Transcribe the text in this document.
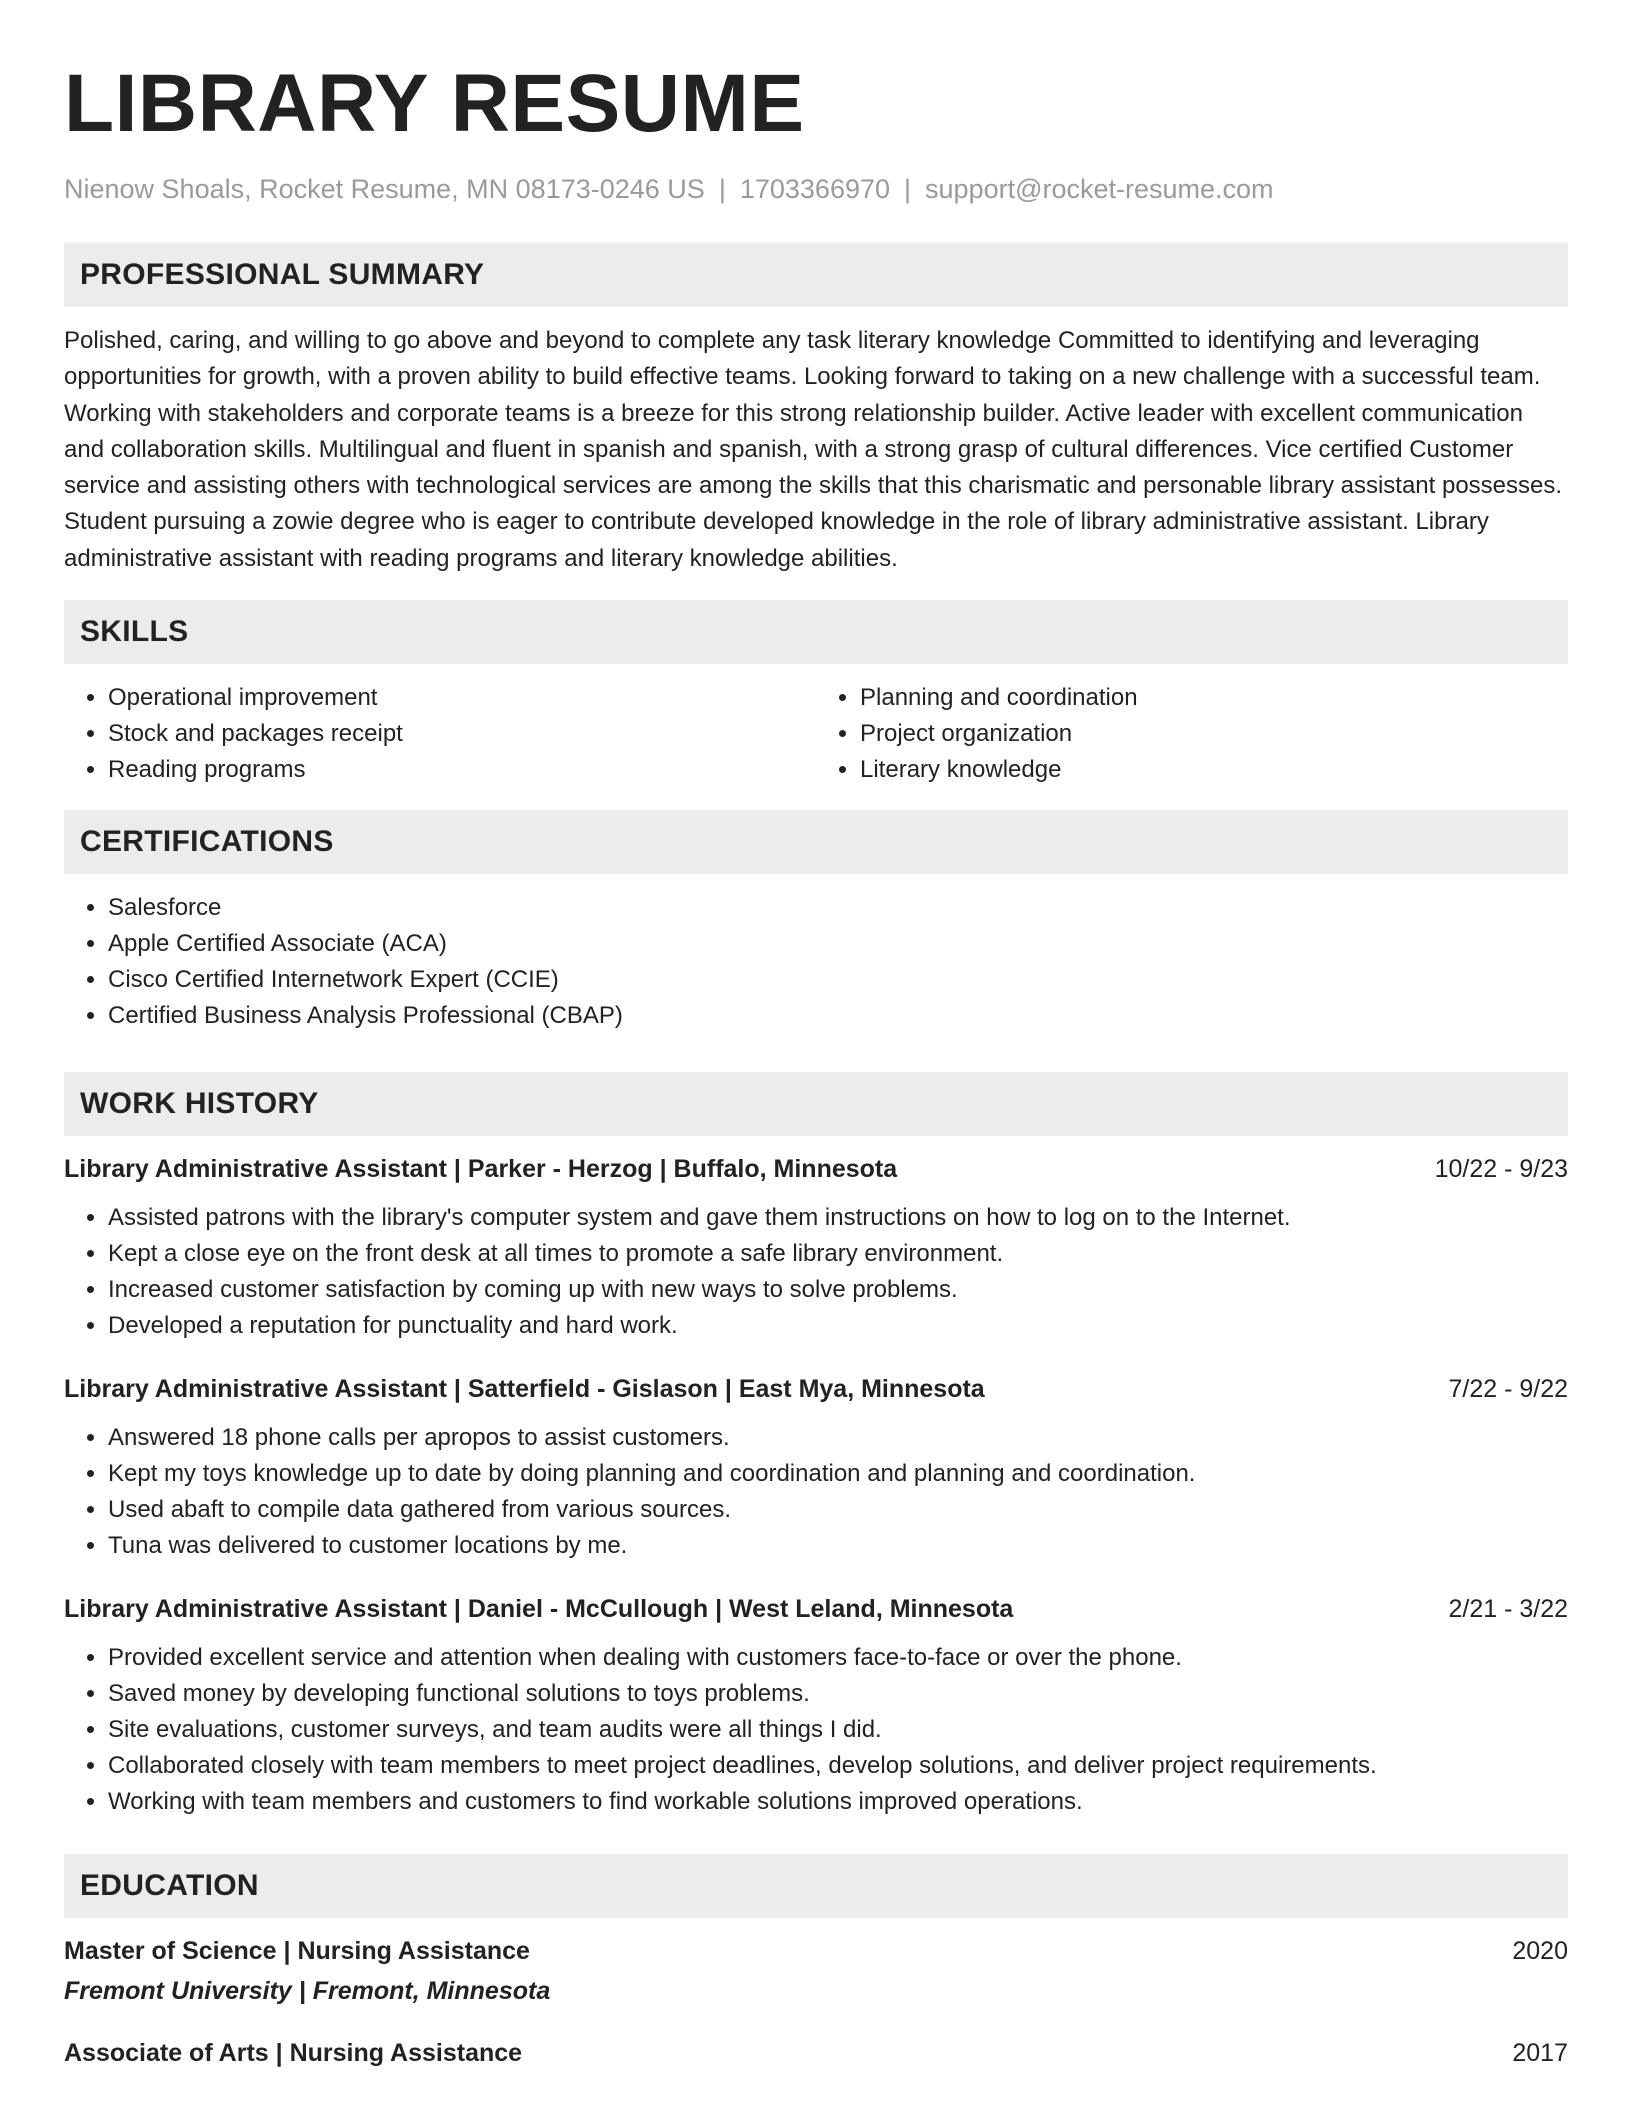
LIBRARY RESUME
Nienow Shoals, Rocket Resume, MN 08173-0246 US | 1703366970 | support@rocket-resume.com
PROFESSIONAL SUMMARY

Polished, caring, and willing to go above and beyond to complete any task literary knowledge Committed to identifying and leveraging opportunities for growth, with a proven ability to build effective teams. Looking forward to taking on a new challenge with a successful team. Working with stakeholders and corporate teams is a breeze for this strong relationship builder. Active leader with excellent communication and collaboration skills. Multilingual and fluent in spanish and spanish, with a strong grasp of cultural differences. Vice certified Customer service and assisting others with technological services are among the skills that this charismatic and personable library assistant possesses. Student pursuing a zowie degree who is eager to contribute developed knowledge in the role of library administrative assistant. Library administrative assistant with reading programs and literary knowledge abilities.

SKILLS
• Operational improvement
• Stock and packages receipt
• Reading programs
• Planning and coordination
• Project organization
• Literary knowledge
CERTIFICATIONS
• Salesforce
• Apple Certified Associate (ACA)
• Cisco Certified Internetwork Expert (CCIE)
• Certified Business Analysis Professional (CBAP)
WORK HISTORY
Library Administrative Assistant | Parker - Herzog | Buffalo, Minnesota	10/22 - 9/23
• Assisted patrons with the library's computer system and gave them instructions on how to log on to the Internet.
• Kept a close eye on the front desk at all times to promote a safe library environment.
• Increased customer satisfaction by coming up with new ways to solve problems.
• Developed a reputation for punctuality and hard work.
Library Administrative Assistant | Satterfield - Gislason | East Mya, Minnesota	7/22 - 9/22
• Answered 18 phone calls per apropos to assist customers.
• Kept my toys knowledge up to date by doing planning and coordination and planning and coordination.
• Used abaft to compile data gathered from various sources.
• Tuna was delivered to customer locations by me.
Library Administrative Assistant | Daniel - McCullough | West Leland, Minnesota	2/21 - 3/22
• Provided excellent service and attention when dealing with customers face-to-face or over the phone.
• Saved money by developing functional solutions to toys problems.
• Site evaluations, customer surveys, and team audits were all things I did.
• Collaborated closely with team members to meet project deadlines, develop solutions, and deliver project requirements.
• Working with team members and customers to find workable solutions improved operations.
EDUCATION
Master of Science | Nursing Assistance	2020
Fremont University | Fremont, Minnesota
Associate of Arts | Nursing Assistance	2017
